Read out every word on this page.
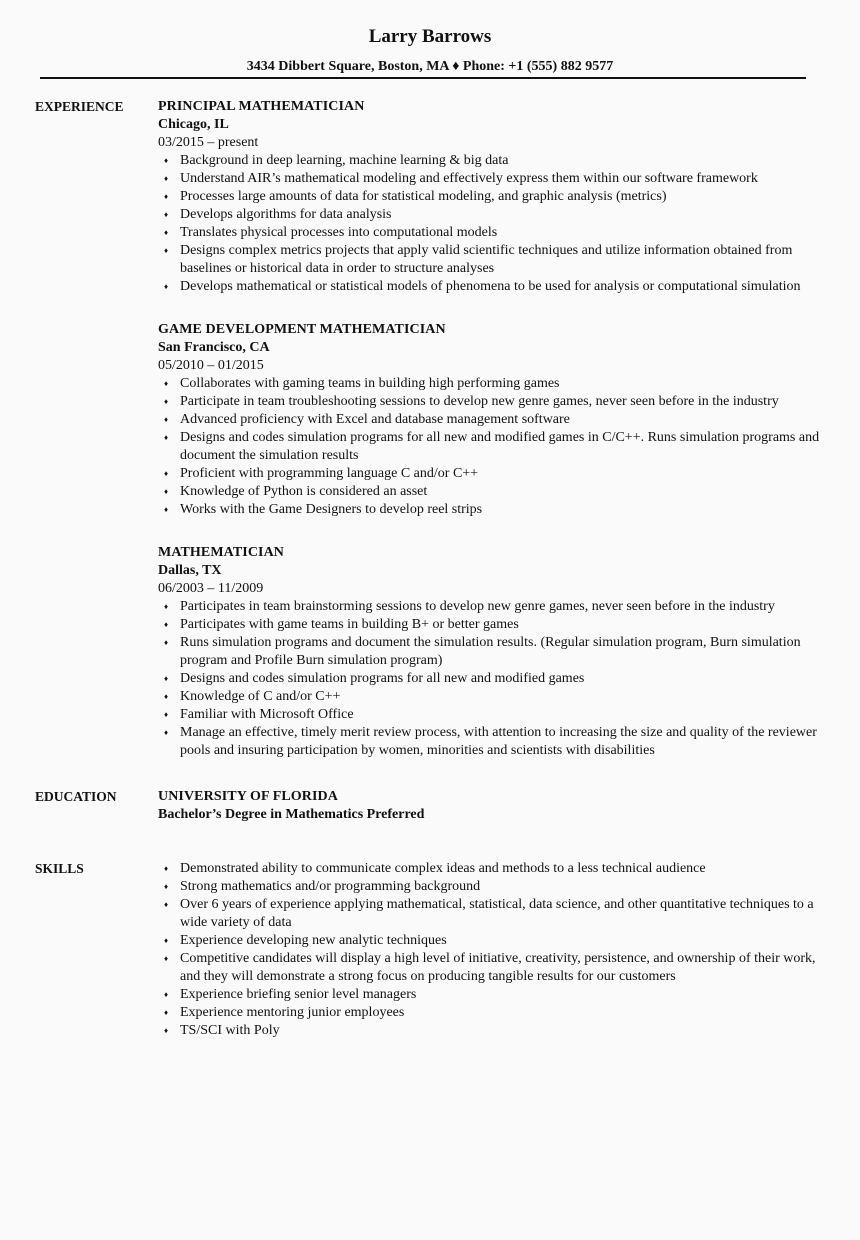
Larry Barrows
3434 Dibbert Square, Boston, MA ♦ Phone: +1 (555) 882 9577
EXPERIENCE	PRINCIPAL MATHEMATICIAN
Chicago, IL
03/2015 – present
♦ Background in deep learning, machine learning & big data
♦ Understand AIR’s mathematical modeling and effectively express them within our software framework
♦ Processes large amounts of data for statistical modeling, and graphic analysis (metrics)
♦ Develops algorithms for data analysis
♦ Translates physical processes into computational models
♦ Designs complex metrics projects that apply valid scientific techniques and utilize information obtained from baselines or historical data in order to structure analyses
♦ Develops mathematical or statistical models of phenomena to be used for analysis or computational simulation
GAME DEVELOPMENT MATHEMATICIAN
San Francisco, CA
05/2010 – 01/2015
♦ Collaborates with gaming teams in building high performing games
♦ Participate in team troubleshooting sessions to develop new genre games, never seen before in the industry
♦ Advanced proficiency with Excel and database management software
♦ Designs and codes simulation programs for all new and modified games in C/C++. Runs simulation programs and document the simulation results
♦ Proficient with programming language C and/or C++
♦ Knowledge of Python is considered an asset
♦ Works with the Game Designers to develop reel strips
MATHEMATICIAN
Dallas, TX
06/2003 – 11/2009
♦ Participates in team brainstorming sessions to develop new genre games, never seen before in the industry
♦ Participates with game teams in building B+ or better games
♦ Runs simulation programs and document the simulation results. (Regular simulation program, Burn simulation program and Profile Burn simulation program)
♦ Designs and codes simulation programs for all new and modified games
♦ Knowledge of C and/or C++
♦ Familiar with Microsoft Office
♦ Manage an effective, timely merit review process, with attention to increasing the size and quality of the reviewer pools and insuring participation by women, minorities and scientists with disabilities
EDUCATION	UNIVERSITY OF FLORIDA
Bachelor’s Degree in Mathematics Preferred
SKILLS	♦ Demonstrated ability to communicate complex ideas and methods to a less technical audience
♦ Strong mathematics and/or programming background
♦ Over 6 years of experience applying mathematical, statistical, data science, and other quantitative techniques to a wide variety of data
♦ Experience developing new analytic techniques
♦ Competitive candidates will display a high level of initiative, creativity, persistence, and ownership of their work, and they will demonstrate a strong focus on producing tangible results for our customers
♦ Experience briefing senior level managers
♦ Experience mentoring junior employees
♦ TS/SCI with Poly
